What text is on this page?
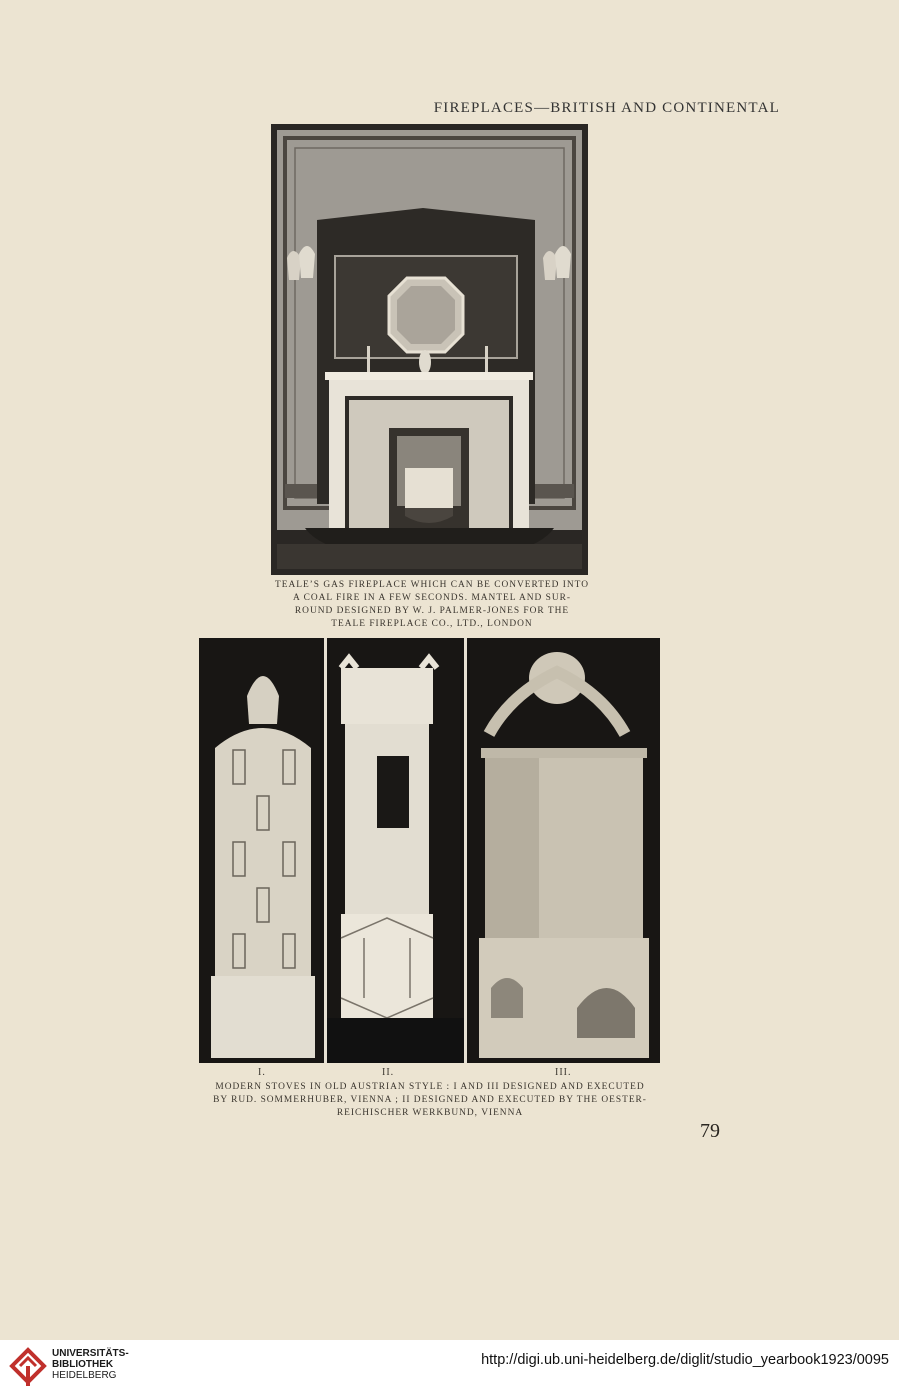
FIREPLACES—BRITISH AND CONTINENTAL
TEALE’S GAS FIREPLACE WHICH CAN BE CONVERTED INTO
A COAL FIRE IN A FEW SECONDS. MANTEL AND SUR-
ROUND DESIGNED BY W. J. PALMER-JONES FOR THE
TEALE FIREPLACE CO., LTD., LONDON
I.	II.	III.
MODERN STOVES IN OLD AUSTRIAN STYLE : I AND III DESIGNED AND EXECUTED
BY RUD. SOMMERHUBER, VIENNA ; II DESIGNED AND EXECUTED BY THE OESTER-
REICHISCHER WERKBUND, VIENNA
79
UNIVERSITÄTS-
BIBLIOTHEK
HEIDELBERG
http://digi.ub.uni-heidelberg.de/diglit/studio_yearbook1923/0095
